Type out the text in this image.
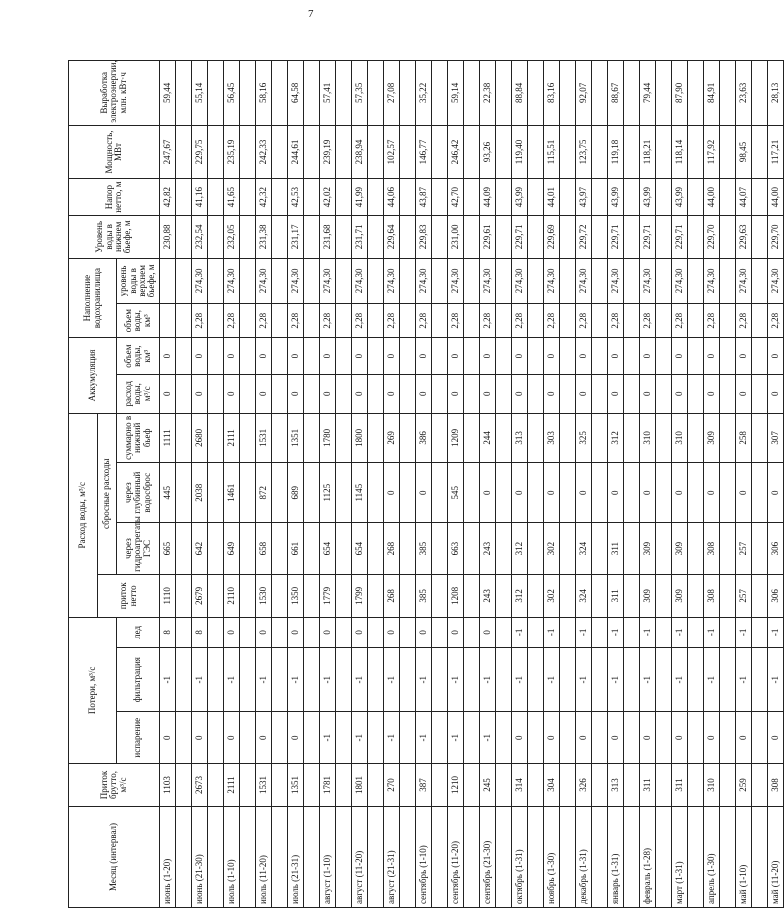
7
Месяц (интервал)	Приток брутто, м³/с	Потери, м³/с			Расход воды, м³/с				Аккумуляция		Наполнение водохранилища		Уровень воды в нижнем бьефе, м	Напор нетто, м	Мощность, МВт	Выработка электроэнергии, млн. кВт·ч
					приток нетто	сбросные расходы										
		испарение	фильтрация	лед		через гидроагрегаты ГЭС	через глубинный водосброс	суммарно в нижний бьеф	расход воды, м³/с	объем воды, км³	объем воды, км³	уровень воды в верхнем бьефе, м				
июнь (1-20)	1103	0	-1	8	1110	665	445	1111	0	0			230,88	42,82	247,67	59,44

июнь (21-30)	2673	0	-1	8	2679	642	2038	2680	0	0	2,28	274,30	232,54	41,16	229,75	55,14

июль (1-10)	2111	0	-1	0	2110	649	1461	2111	0	0	2,28	274,30	232,05	41,65	235,19	56,45

июль (11-20)	1531	0	-1	0	1530	658	872	1531	0	0	2,28	274,30	231,38	42,32	242,33	58,16

июль (21-31)	1351	0	-1	0	1350	661	689	1351	0	0	2,28	274,30	231,17	42,53	244,61	64,58

август (1-10)	1781	-1	-1	0	1779	654	1125	1780	0	0	2,28	274,30	231,68	42,02	239,19	57,41

август (11-20)	1801	-1	-1	0	1799	654	1145	1800	0	0	2,28	274,30	231,71	41,99	238,94	57,35

август (21-31)	270	-1	-1	0	268	268	0	269	0	0	2,28	274,30	229,64	44,06	102,57	27,08

сентябрь (1-10)	387	-1	-1	0	385	385	0	386	0	0	2,28	274,30	229,83	43,87	146,77	35,22

сентябрь (11-20)	1210	-1	-1	0	1208	663	545	1209	0	0	2,28	274,30	231,00	42,70	246,42	59,14

сентябрь (21-30)	245	-1	-1	0	243	243	0	244	0	0	2,28	274,30	229,61	44,09	93,26	22,38

октябрь (1-31)	314	0	-1	-1	312	312	0	313	0	0	2,28	274,30	229,71	43,99	119,40	88,84

ноябрь (1-30)	304	0	-1	-1	302	302	0	303	0	0	2,28	274,30	229,69	44,01	115,51	83,16

декабрь (1-31)	326	0	-1	-1	324	324	0	325	0	0	2,28	274,30	229,72	43,97	123,75	92,07

январь (1-31)	313	0	-1	-1	311	311	0	312	0	0	2,28	274,30	229,71	43,99	119,18	88,67

февраль (1-28)	311	0	-1	-1	309	309	0	310	0	0	2,28	274,30	229,71	43,99	118,21	79,44

март (1-31)	311	0	-1	-1	309	309	0	310	0	0	2,28	274,30	229,71	43,99	118,14	87,90

апрель (1-30)	310	0	-1	-1	308	308	0	309	0	0	2,28	274,30	229,70	44,00	117,92	84,91

май (1-10)	259	0	-1	-1	257	257	0	258	0	0	2,28	274,30	229,63	44,07	98,45	23,63

май (11-20)	308	0	-1	-1	306	306	0	307	0	0	2,28	274,30	229,70	44,00	117,21	28,13
